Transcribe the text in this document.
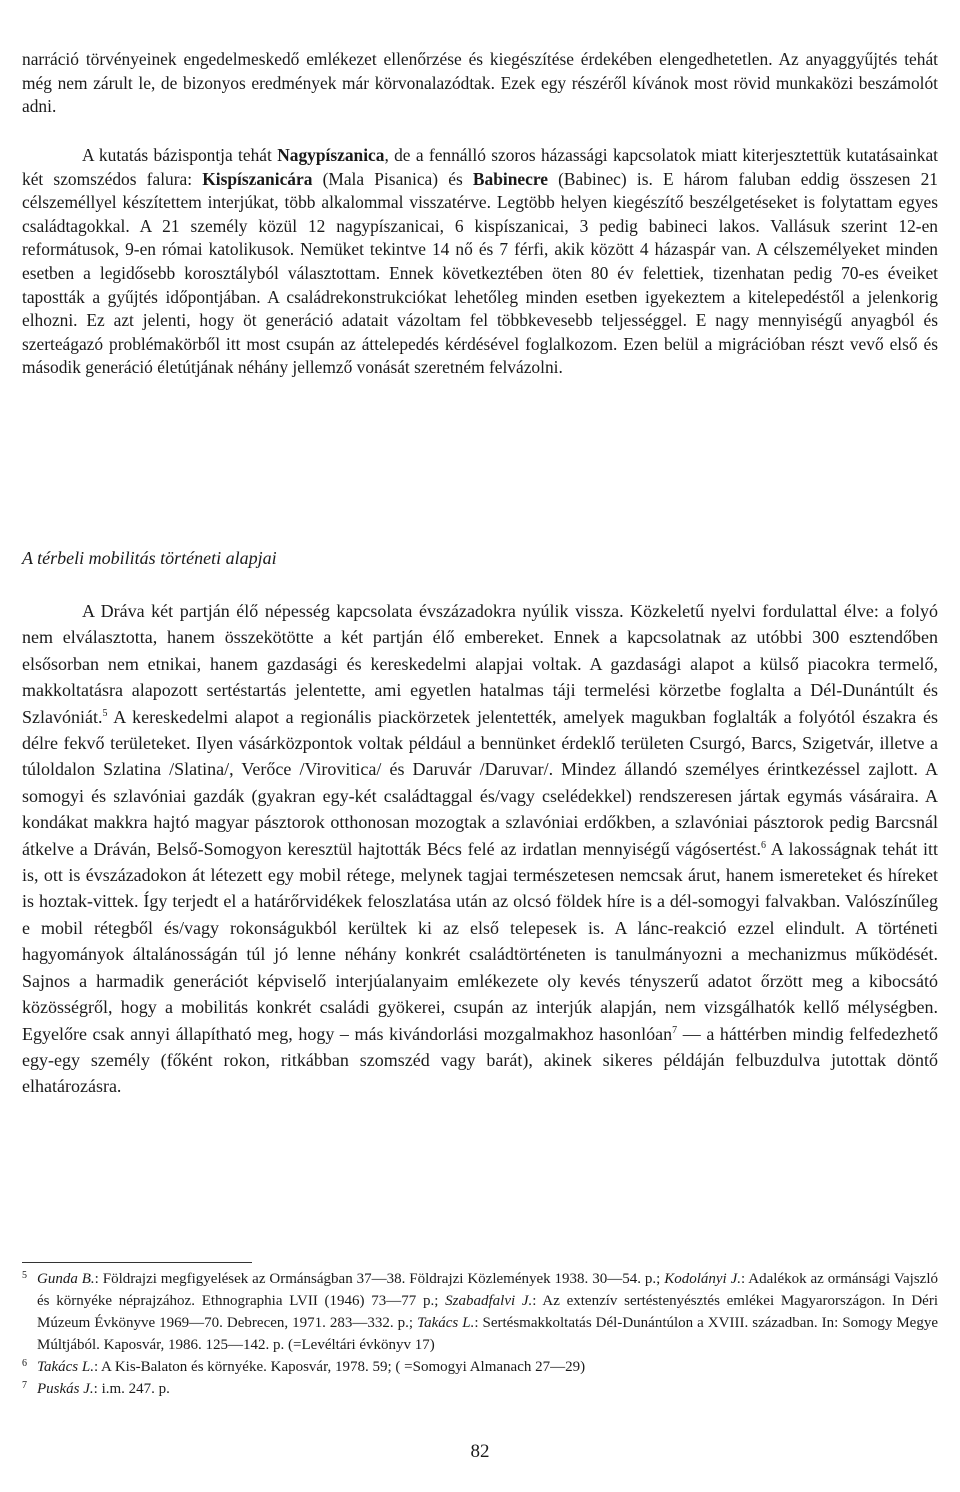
narráció törvényeinek engedelmeskedő emlékezet ellenőrzése és kiegészítése érdekében elengedhetetlen. Az anyaggyűjtés tehát még nem zárult le, de bizonyos eredmények már körvonalazódtak. Ezek egy részéről kívánok most rövid munkaközi beszámolót adni.

A kutatás bázispontja tehát Nagypíszanica, de a fennálló szoros házassági kapcsolatok miatt kiterjesztettük kutatásainkat két szomszédos falura: Kispíszanicára (Mala Pisanica) és Babinecre (Babinec) is. E három faluban eddig összesen 21 célszeméllyel készítettem interjúkat, több alkalommal visszatérve. Legtöbb helyen kiegészítő beszélgetéseket is folytattam egyes családtagokkal. A 21 személy közül 12 nagypíszanicai, 6 kispíszanicai, 3 pedig babineci lakos. Vallásuk szerint 12-en reformátusok, 9-en római katolikusok. Nemüket tekintve 14 nő és 7 férfi, akik között 4 házaspár van. A célszemélyeket minden esetben a legidősebb korosztályból választottam. Ennek következtében öten 80 év felettiek, tizenhatan pedig 70-es éveiket tapostták a gyűjtés időpontjában. A családrekonstrukciókat lehetőleg minden esetben igyekeztem a kitelepedéstől a jelenkorig elhozni. Ez azt jelenti, hogy öt generáció adatait vázoltam fel többkevesebb teljességgel. E nagy mennyiségű anyagból és szerteágazó problémakörből itt most csupán az áttelepedés kérdésével foglalkozom. Ezen belül a migrációban részt vevő első és második generáció életútjának néhány jellemző vonását szeretném felvázolni.

A térbeli mobilitás történeti alapjai

A Dráva két partján élő népesség kapcsolata évszázadokra nyúlik vissza. Közkeletű nyelvi fordulattal élve: a folyó nem elválasztotta, hanem összekötötte a két partján élő embereket. Ennek a kapcsolatnak az utóbbi 300 esztendőben elsősorban nem etnikai, hanem gazdasági és kereskedelmi alapjai voltak. A gazdasági alapot a külső piacokra termelő, makkoltatásra alapozott sertéstartás jelentette, ami egyetlen hatalmas táji termelési körzetbe foglalta a Dél-Dunántúlt és Szlavóniát.$^5$ A kereskedelmi alapot a regionális piackörzetek jelentették, amelyek magukban foglalták a folyótól északra és délre fekvő területeket. Ilyen vásárközpontok voltak például a bennünket érdeklő területen Csurgó, Barcs, Szigetvár, illetve a túloldalon Szlatina /Slatina/, Verőce /Virovitica/ és Daruvár /Daruvar/. Mindez állandó személyes érintkezéssel zajlott. A somogyi és szlavóniai gazdák (gyakran egy-két családtaggal és/vagy cselédekkel) rendszeresen jártak egymás vásáraira. A kondákat makkra hajtó magyar pásztorok otthonosan mozogtak a szlavóniai erdőkben, a szlavóniai pásztorok pedig Barcsnál átkelve a Dráván, Belső-Somogyon keresztül hajtották Bécs felé az irdatlan mennyiségű vágósertést.$^6$ A lakosságnak tehát itt is, ott is évszázadokon át létezett egy mobil rétege, melynek tagjai természetesen nemcsak árut, hanem ismereteket és híreket is hoztak-vittek. Így terjedt el a határőrvidékek feloszlatása után az olcsó földek híre is a dél-somogyi falvakban. Valószínűleg e mobil rétegből és/vagy rokonságukból kerültek ki az első telepesek is. A lánc-reakció ezzel elindult. A történeti hagyományok általánosságán túl jó lenne néhány konkrét családtörténeten is tanulmányozni a mechanizmus működését. Sajnos a harmadik generációt képviselő interjúalanyaim emlékezete oly kevés tényszerű adatot őrzött meg a kibocsátó közösségről, hogy a mobilitás konkrét családi gyökerei, csupán az interjúk alapján, nem vizsgálhatók kellő mélységben. Egyelőre csak annyi állapítható meg, hogy – más kivándorlási mozgalmakhoz hasonlóan$^7$ — a háttérben mindig felfedezhető egy-egy személy (főként rokon, ritkábban szomszéd vagy barát), akinek sikeres példáján felbuzdulva jutottak döntő elhatározásra.

5 Gunda B.: Földrajzi megfigyelések az Ormánságban 37—38. Földrajzi Közlemények 1938. 30—54. p.; Kodolányi J.: Adalékok az ormánsági Vajszló és környéke néprajzához. Ethnographia LVII (1946) 73—77 p.; Szabadfalvi J.: Az extenzív sertéstenyésztés emlékei Magyarországon. In Déri Múzeum Évkönyve 1969—70. Debrecen, 1971. 283—332. p.; Takács L.: Sertésmakkoltatás Dél-Dunántúlon a XVIII. században. In: Somogy Megye Múltjából. Kaposvár, 1986. 125—142. p. (=Levéltári évkönyv 17)
6 Takács L.: A Kis-Balaton és környéke. Kaposvár, 1978. 59; ( =Somogyi Almanach 27—29)
7 Puskás J.: i.m. 247. p.
82
